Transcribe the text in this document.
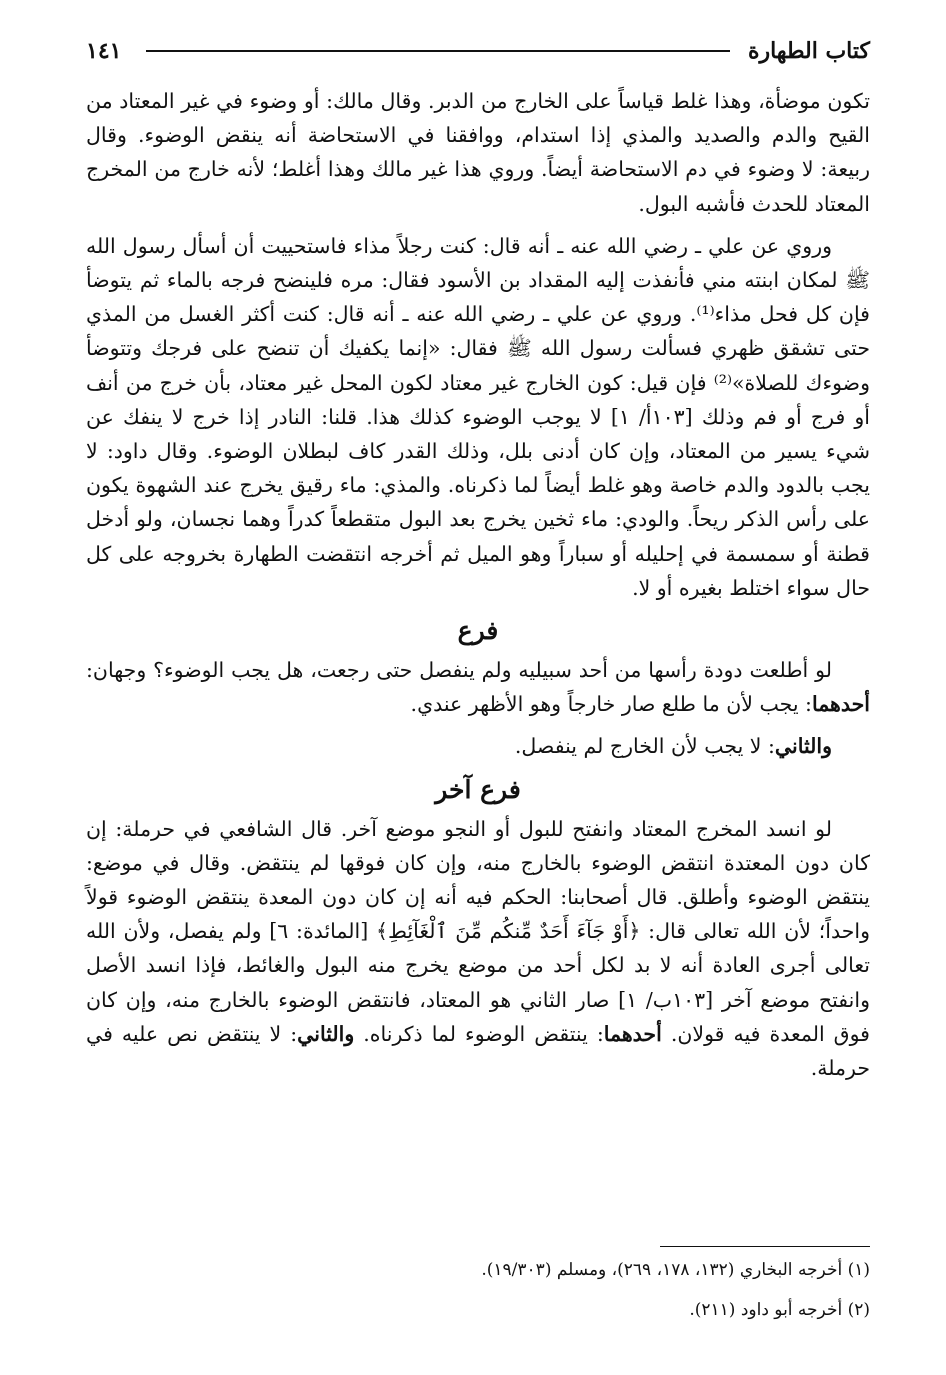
كتاب الطهارة
١٤١

تكون موضأة، وهذا غلط قياساً على الخارج من الدبر. وقال مالك: أو وضوء في غير المعتاد من القيح والدم والصديد والمذي إذا استدام، ووافقنا في الاستحاضة أنه ينقض الوضوء. وقال ربيعة: لا وضوء في دم الاستحاضة أيضاً. وروي هذا غير مالك وهذا أغلط؛ لأنه خارج من المخرج المعتاد للحدث فأشبه البول.

وروي عن علي ـ رضي الله عنه ـ أنه قال: كنت رجلاً مذاء فاستحييت أن أسأل رسول الله ﷺ لمكان ابنته مني فأنفذت إليه المقداد بن الأسود فقال: مره فلينضح فرجه بالماء ثم يتوضأ فإن كل فحل مذاء⁽¹⁾. وروي عن علي ـ رضي الله عنه ـ أنه قال: كنت أكثر الغسل من المذي حتى تشقق ظهري فسألت رسول الله ﷺ فقال: «إنما يكفيك أن تنضح على فرجك وتتوضأ وضوءك للصلاة»⁽²⁾ فإن قيل: كون الخارج غير معتاد لكون المحل غير معتاد، بأن خرج من أنف أو فرج أو فم وذلك [١٠٣أ/ ١] لا يوجب الوضوء كذلك هذا. قلنا: النادر إذا خرج لا ينفك عن شيء يسير من المعتاد، وإن كان أدنى بلل، وذلك القدر كاف لبطلان الوضوء. وقال داود: لا يجب بالدود والدم خاصة وهو غلط أيضاً لما ذكرناه. والمذي: ماء رقيق يخرج عند الشهوة يكون على رأس الذكر ريحاً. والودي: ماء ثخين يخرج بعد البول متقطعاً كدراً وهما نجسان، ولو أدخل قطنة أو سمسمة في إحليله أو سباراً وهو الميل ثم أخرجه انتقضت الطهارة بخروجه على كل حال سواء اختلط بغيره أو لا.

فرع

لو أطلعت دودة رأسها من أحد سبيليه ولم ينفصل حتى رجعت، هل يجب الوضوء؟ وجهان: أحدهما: يجب لأن ما طلع صار خارجاً وهو الأظهر عندي.

والثاني: لا يجب لأن الخارج لم ينفصل.

فرع آخر

لو انسد المخرج المعتاد وانفتح للبول أو النجو موضع آخر. قال الشافعي في حرملة: إن كان دون المعتدة انتقض الوضوء بالخارج منه، وإن كان فوقها لم ينتقض. وقال في موضع: ينتقض الوضوء وأطلق. قال أصحابنا: الحكم فيه أنه إن كان دون المعدة ينتقض الوضوء قولاً واحداً؛ لأن الله تعالى قال: ﴿أَوْ جَآءَ أَحَدٌ مِّنكُم مِّنَ ٱلْغَآئِطِ﴾ [المائدة: ٦] ولم يفصل، ولأن الله تعالى أجرى العادة أنه لا بد لكل أحد من موضع يخرج منه البول والغائط، فإذا انسد الأصل وانفتح موضع آخر [١٠٣ب/ ١] صار الثاني هو المعتاد، فانتقض الوضوء بالخارج منه، وإن كان فوق المعدة فيه قولان. أحدهما: ينتقض الوضوء لما ذكرناه. والثاني: لا ينتقض نص عليه في حرملة.

(١) أخرجه البخاري (١٣٢، ١٧٨، ٢٦٩)، ومسلم (١٩/٣٠٣).

(٢) أخرجه أبو داود (٢١١).
